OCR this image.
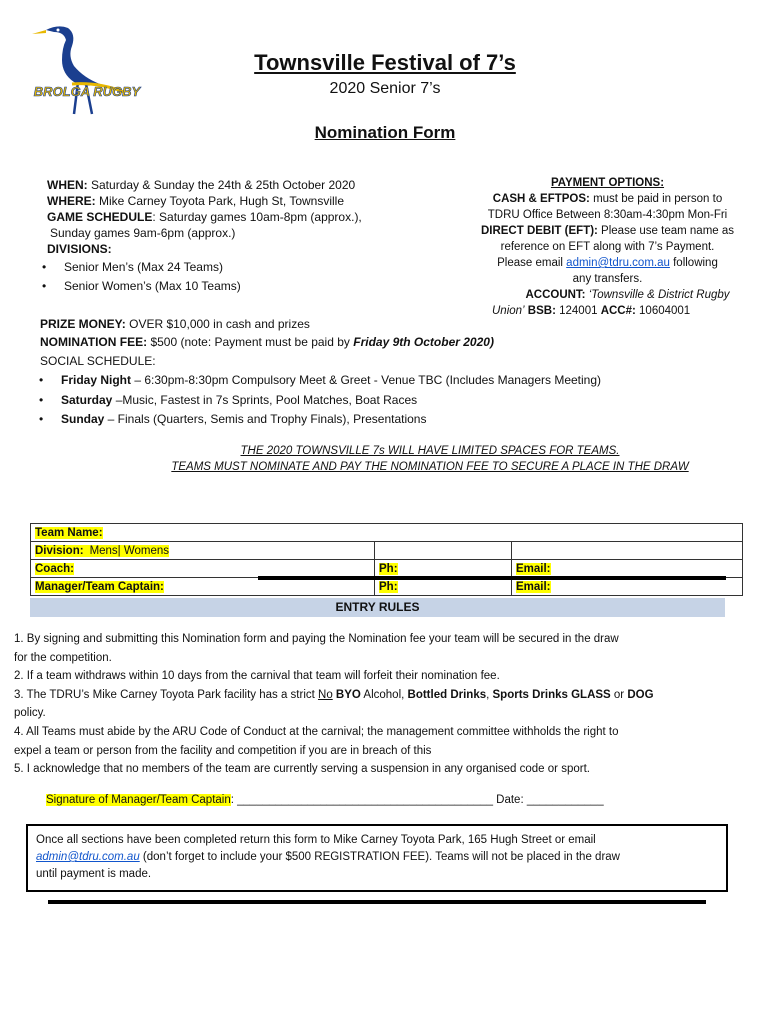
BROLGA RUGBY
Townsville Festival of 7’s
2020 Senior 7’s
Nomination Form
WHEN: Saturday & Sunday the 24th & 25th October 2020
WHERE: Mike Carney Toyota Park, Hugh St, Townsville
GAME SCHEDULE: Saturday games 10am-8pm (approx.),
Sunday games 9am-6pm (approx.)
DIVISIONS:
• Senior Men’s (Max 24 Teams)
• Senior Women’s (Max 10 Teams)
PAYMENT OPTIONS:
CASH & EFTPOS: must be paid in person to
TDRU Office Between 8:30am-4:30pm Mon-Fri
DIRECT DEBIT (EFT): Please use team name as
reference on EFT along with 7’s Payment.
Please email admin@tdru.com.au following
any transfers.
ACCOUNT: ‘Townsville & District Rugby
Union’ BSB: 124001 ACC#: 10604001
PRIZE MONEY: OVER $10,000 in cash and prizes
NOMINATION FEE: $500 (note: Payment must be paid by Friday 9th October 2020)
SOCIAL SCHEDULE:
• Friday Night – 6:30pm-8:30pm Compulsory Meet & Greet - Venue TBC (Includes Managers Meeting)
• Saturday –Music, Fastest in 7s Sprints, Pool Matches, Boat Races
• Sunday – Finals (Quarters, Semis and Trophy Finals), Presentations
THE 2020 TOWNSVILLE 7s WILL HAVE LIMITED SPACES FOR TEAMS.
TEAMS MUST NOMINATE AND PAY THE NOMINATION FEE TO SECURE A PLACE IN THE DRAW
Team Name:		
Division: Mens| Womens		
Coach:	Ph:	Email:
Manager/Team Captain:	Ph:	Email:
ENTRY RULES
1. By signing and submitting this Nomination form and paying the Nomination fee your team will be secured in the draw
for the competition.
2. If a team withdraws within 10 days from the carnival that team will forfeit their nomination fee.
3. The TDRU’s Mike Carney Toyota Park facility has a strict No BYO Alcohol, Bottled Drinks, Sports Drinks GLASS or DOG
policy.
4. All Teams must abide by the ARU Code of Conduct at the carnival; the management committee withholds the right to
expel a team or person from the facility and competition if you are in breach of this
5. I acknowledge that no members of the team are currently serving a suspension in any organised code or sport.
Signature of Manager/Team Captain: ________________________________________ Date: ____________
Once all sections have been completed return this form to Mike Carney Toyota Park, 165 Hugh Street or email
admin@tdru.com.au (don’t forget to include your $500 REGISTRATION FEE). Teams will not be placed in the draw
until payment is made.
